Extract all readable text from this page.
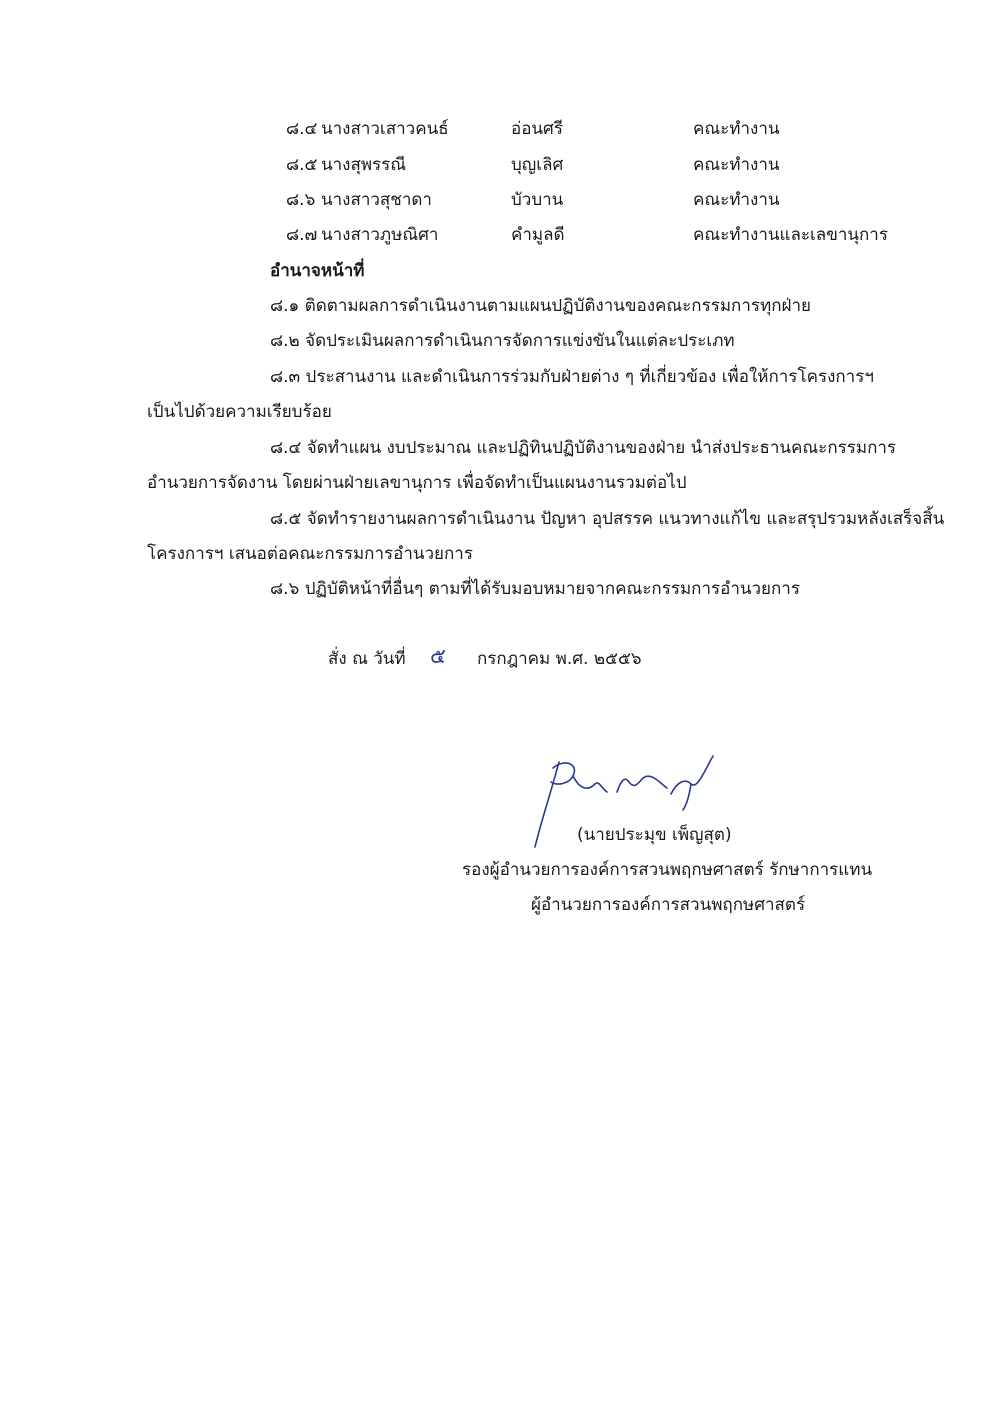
๘.๔ นางสาวเสาวคนธ์	อ่อนศรี	คณะทำงาน
๘.๕ นางสุพรรณี	บุญเลิศ	คณะทำงาน
๘.๖ นางสาวสุชาดา	บัวบาน	คณะทำงาน
๘.๗ นางสาวภูษณิศา	คำมูลดี	คณะทำงานและเลขานุการ
อำนาจหน้าที่
๘.๑ ติดตามผลการดำเนินงานตามแผนปฏิบัติงานของคณะกรรมการทุกฝ่าย
๘.๒ จัดประเมินผลการดำเนินการจัดการแข่งขันในแต่ละประเภท
๘.๓ ประสานงาน และดำเนินการร่วมกับฝ่ายต่าง ๆ ที่เกี่ยวข้อง เพื่อให้การโครงการฯ
เป็นไปด้วยความเรียบร้อย
๘.๔ จัดทำแผน งบประมาณ และปฏิทินปฏิบัติงานของฝ่าย นำส่งประธานคณะกรรมการ
อำนวยการจัดงาน โดยผ่านฝ่ายเลขานุการ เพื่อจัดทำเป็นแผนงานรวมต่อไป
๘.๕ จัดทำรายงานผลการดำเนินงาน ปัญหา อุปสรรค แนวทางแก้ไข และสรุปรวมหลังเสร็จสิ้น
โครงการฯ เสนอต่อคณะกรรมการอำนวยการ
๘.๖ ปฏิบัติหน้าที่อื่นๆ ตามที่ได้รับมอบหมายจากคณะกรรมการอำนวยการ
สั่ง ณ วันที่ ๕ กรกฎาคม พ.ศ. ๒๕๕๖
(นายประมุข เพ็ญสุต)
รองผู้อำนวยการองค์การสวนพฤกษศาสตร์ รักษาการแทน
ผู้อำนวยการองค์การสวนพฤกษศาสตร์
